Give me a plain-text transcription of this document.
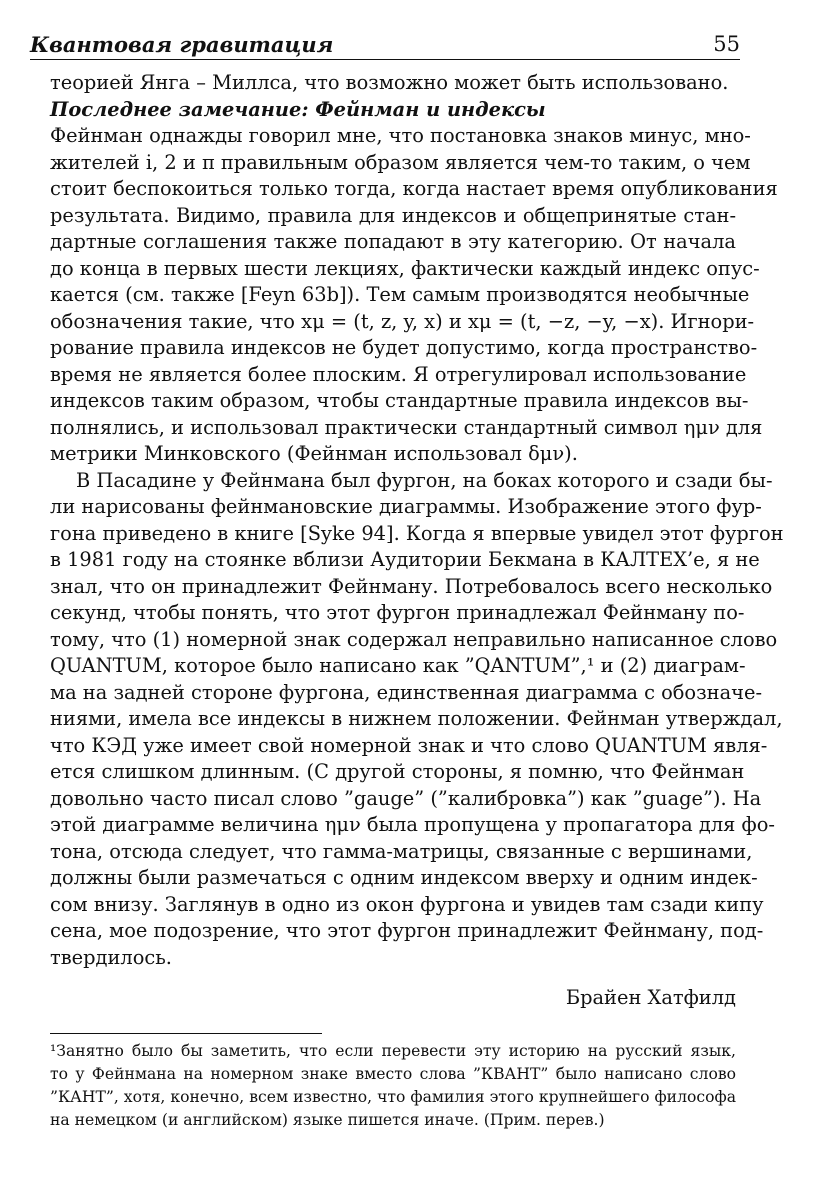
Квантовая гравитация	55
теорией Янга – Миллса, что возможно может быть использовано.
Последнее замечание: Фейнман и индексы
Фейнман однажды говорил мне, что постановка знаков минус, мно-
жителей i, 2 и π правильным образом является чем-то таким, о чем
стоит беспокоиться только тогда, когда настает время опубликования
результата. Видимо, правила для индексов и общепринятые стан-
дартные соглашения также попадают в эту категорию. От начала
до конца в первых шести лекциях, фактически каждый индекс опус-
кается (см. также [Feyn 63b]). Тем самым производятся необычные
обозначения такие, что xμ = (t, z, y, x) и xμ = (t, −z, −y, −x). Игнори-
рование правила индексов не будет допустимо, когда пространство-
время не является более плоским. Я отрегулировал использование
индексов таким образом, чтобы стандартные правила индексов вы-
полнялись, и использовал практически стандартный символ ημν для
метрики Минковского (Фейнман использовал δμν).
В Пасадине у Фейнмана был фургон, на боках которого и сзади бы-
ли нарисованы фейнмановские диаграммы. Изображение этого фур-
гона приведено в книге [Syke 94]. Когда я впервые увидел этот фургон
в 1981 году на стоянке вблизи Аудитории Бекмана в КАЛТЕХ’е, я не
знал, что он принадлежит Фейнману. Потребовалось всего несколько
секунд, чтобы понять, что этот фургон принадлежал Фейнману по-
тому, что (1) номерной знак содержал неправильно написанное слово
QUANTUM, которое было написано как ”QANTUM”,¹ и (2) диаграм-
ма на задней стороне фургона, единственная диаграмма с обозначе-
ниями, имела все индексы в нижнем положении. Фейнман утверждал,
что КЭД уже имеет свой номерной знак и что слово QUANTUM явля-
ется слишком длинным. (С другой стороны, я помню, что Фейнман
довольно часто писал слово ”gauge” (”калибровка”) как ”guage”). На
этой диаграмме величина ημν была пропущена у пропагатора для фо-
тона, отсюда следует, что гамма-матрицы, связанные с вершинами,
должны были размечаться с одним индексом вверху и одним индек-
сом внизу. Заглянув в одно из окон фургона и увидев там сзади кипу
сена, мое подозрение, что этот фургон принадлежит Фейнману, под-
твердилось.
Брайен Хатфилд
¹Занятно было бы заметить, что если перевести эту историю на русский язык,
то у Фейнмана на номерном знаке вместо слова ”КВАНТ” было написано слово
”КАНТ”, хотя, конечно, всем известно, что фамилия этого крупнейшего философа
на немецком (и английском) языке пишется иначе. (Прим. перев.)
